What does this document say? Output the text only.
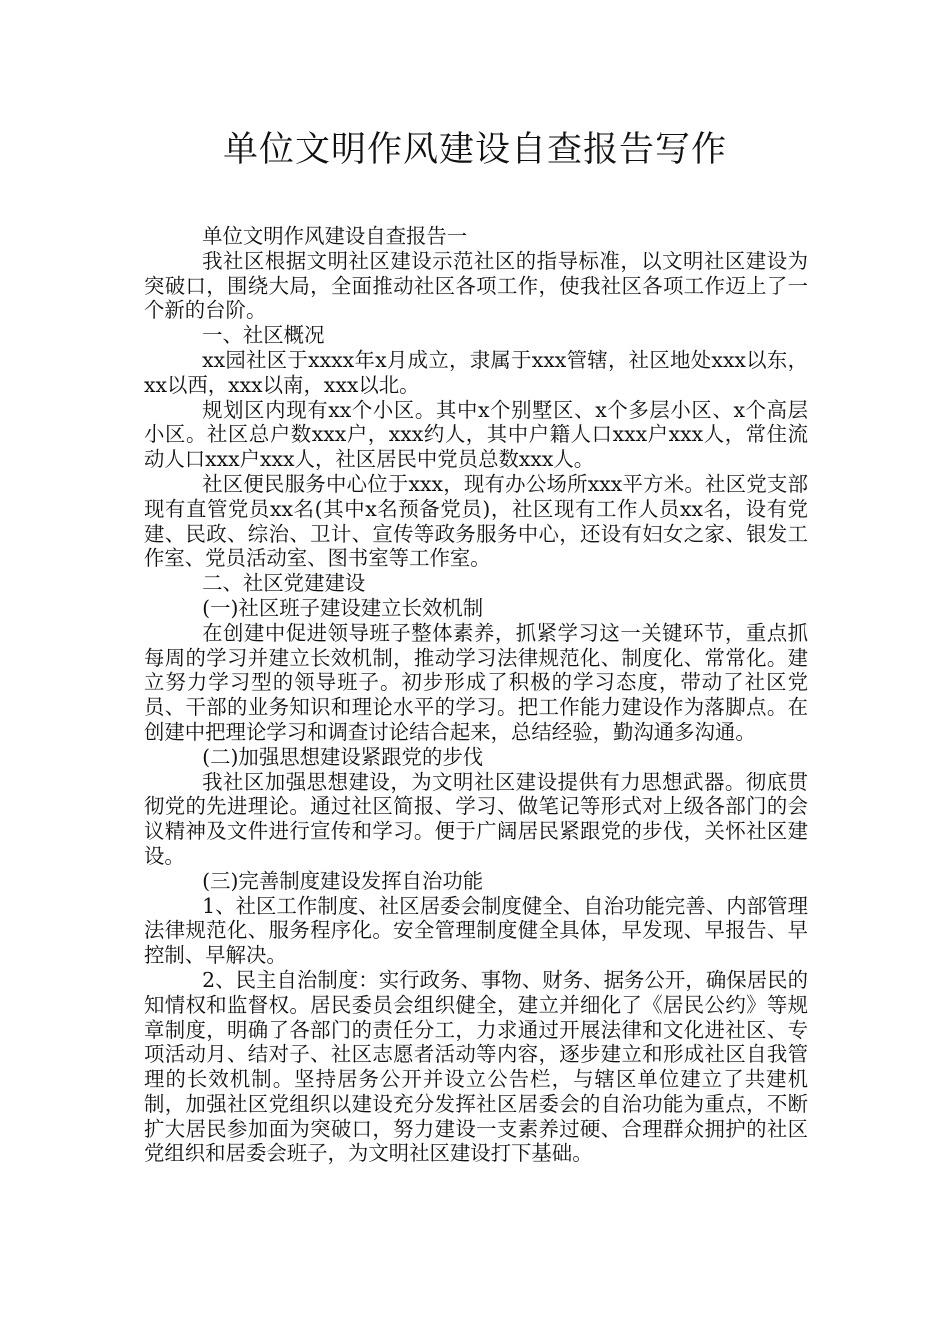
单位文明作风建设自查报告写作

单位文明作风建设自查报告一

我社区根据文明社区建设示范社区的指导标准，以文明社区建设为突破口，围绕大局，全面推动社区各项工作，使我社区各项工作迈上了一个新的台阶。

一、社区概况

xx园社区于xxxx年x月成立，隶属于xxx管辖，社区地处xxx以东，xx以西，xxx以南，xxx以北。

规划区内现有xx个小区。其中x个别墅区、x个多层小区、x个高层小区。社区总户数xxx户，xxx约人，其中户籍人口xxx户xxx人，常住流动人口xxx户xxx人，社区居民中党员总数xxx人。

社区便民服务中心位于xxx，现有办公场所xxx平方米。社区党支部现有直管党员xx名(其中x名预备党员)，社区现有工作人员xx名，设有党建、民政、综治、卫计、宣传等政务服务中心，还设有妇女之家、银发工作室、党员活动室、图书室等工作室。

二、社区党建建设

(一)社区班子建设建立长效机制

在创建中促进领导班子整体素养，抓紧学习这一关键环节，重点抓每周的学习并建立长效机制，推动学习法律规范化、制度化、常常化。建立努力学习型的领导班子。初步形成了积极的学习态度，带动了社区党员、干部的业务知识和理论水平的学习。把工作能力建设作为落脚点。在创建中把理论学习和调查讨论结合起来，总结经验，勤沟通多沟通。

(二)加强思想建设紧跟党的步伐

我社区加强思想建设，为文明社区建设提供有力思想武器。彻底贯彻党的先进理论。通过社区简报、学习、做笔记等形式对上级各部门的会议精神及文件进行宣传和学习。便于广阔居民紧跟党的步伐，关怀社区建设。

(三)完善制度建设发挥自治功能

1、社区工作制度、社区居委会制度健全、自治功能完善、内部管理法律规范化、服务程序化。安全管理制度健全具体，早发现、早报告、早控制、早解决。

2、民主自治制度：实行政务、事物、财务、据务公开，确保居民的知情权和监督权。居民委员会组织健全，建立并细化了《居民公约》等规章制度，明确了各部门的责任分工，力求通过开展法律和文化进社区、专项活动月、结对子、社区志愿者活动等内容，逐步建立和形成社区自我管理的长效机制。坚持居务公开并设立公告栏，与辖区单位建立了共建机制，加强社区党组织以建设充分发挥社区居委会的自治功能为重点，不断扩大居民参加面为突破口，努力建设一支素养过硬、合理群众拥护的社区党组织和居委会班子，为文明社区建设打下基础。
